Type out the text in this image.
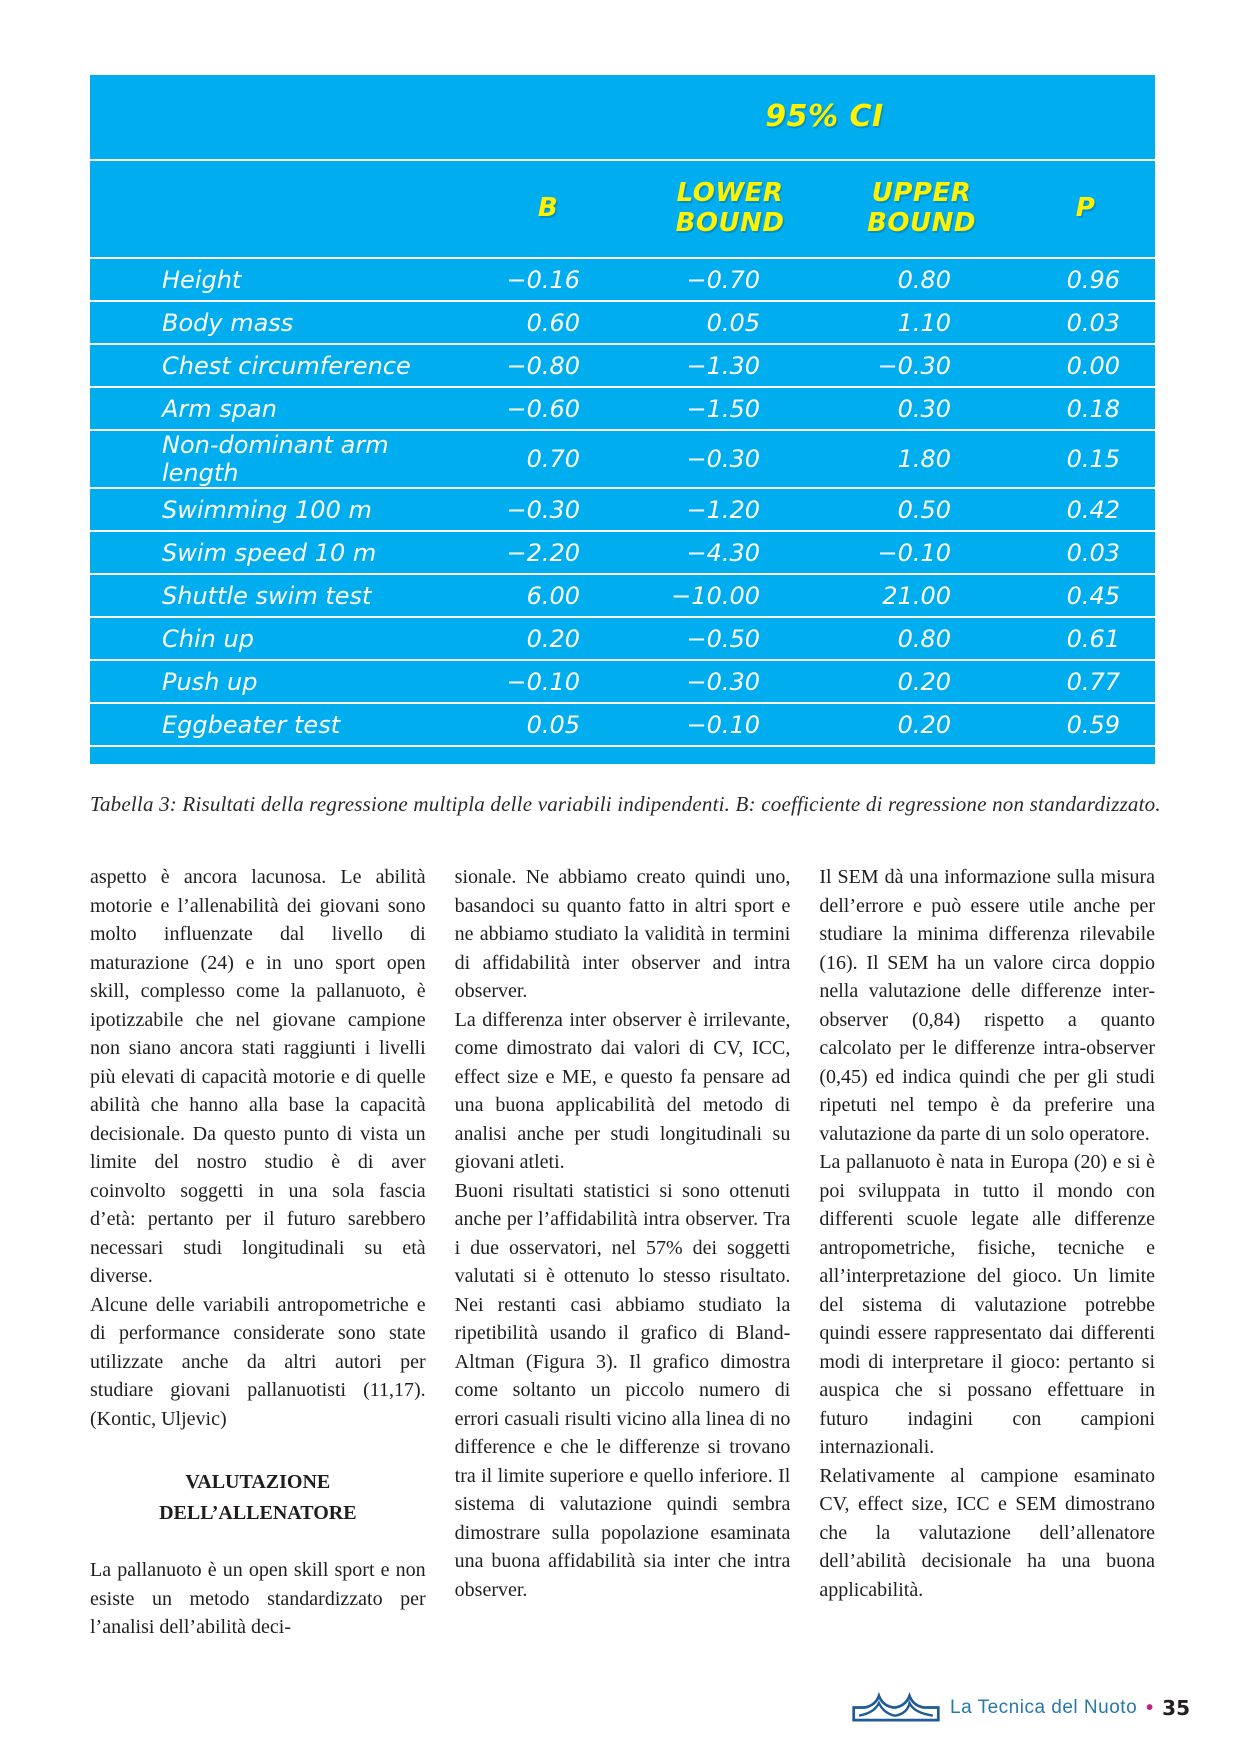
		95% CI		
	B	LOWER BOUND	UPPER BOUND	P
Height	−0.16	−0.70	0.80	0.96
Body mass	0.60	0.05	1.10	0.03
Chest circumference	−0.80	−1.30	−0.30	0.00
Arm span	−0.60	−1.50	0.30	0.18
Non-dominant arm length	0.70	−0.30	1.80	0.15
Swimming 100 m	−0.30	−1.20	0.50	0.42
Swim speed 10 m	−2.20	−4.30	−0.10	0.03
Shuttle swim test	6.00	−10.00	21.00	0.45
Chin up	0.20	−0.50	0.80	0.61
Push up	−0.10	−0.30	0.20	0.77
Eggbeater test	0.05	−0.10	0.20	0.59

Tabella 3: Risultati della regressione multipla delle variabili indipendenti. B: coefficiente di regressione non standardizzato.

aspetto è ancora lacunosa. Le abilità motorie e l’allenabilità dei giovani sono molto influenzate dal livello di maturazione (24) e in uno sport open skill, complesso come la pallanuoto, è ipotizzabile che nel giovane campione non siano ancora stati raggiunti i livelli più elevati di capacità motorie e di quelle abilità che hanno alla base la capacità decisionale. Da questo punto di vista un limite del nostro studio è di aver coinvolto soggetti in una sola fascia d’età: pertanto per il futuro sarebbero necessari studi longitudinali su età diverse.

Alcune delle variabili antropometriche e di performance considerate sono state utilizzate anche da altri autori per studiare giovani pallanuotisti (11,17). (Kontic, Uljevic)

VALUTAZIONE
DELL’ALLENATORE

La pallanuoto è un open skill sport e non esiste un metodo standardizzato per l’analisi dell’abilità deci-

sionale. Ne abbiamo creato quindi uno, basandoci su quanto fatto in altri sport e ne abbiamo studiato la validità in termini di affidabilità inter observer and intra observer.

La differenza inter observer è irrilevante, come dimostrato dai valori di CV, ICC, effect size e ME, e questo fa pensare ad una buona applicabilità del metodo di analisi anche per studi longitudinali su giovani atleti.

Buoni risultati statistici si sono ottenuti anche per l’affidabilità intra observer. Tra i due osservatori, nel 57% dei soggetti valutati si è ottenuto lo stesso risultato. Nei restanti casi abbiamo studiato la ripetibilità usando il grafico di Bland-Altman (Figura 3). Il grafico dimostra come soltanto un piccolo numero di errori casuali risulti vicino alla linea di no difference e che le differenze si trovano tra il limite superiore e quello inferiore. Il sistema di valutazione quindi sembra dimostrare sulla popolazione esaminata una buona affidabilità sia inter che intra observer.

Il SEM dà una informazione sulla misura dell’errore e può essere utile anche per studiare la minima differenza rilevabile (16). Il SEM ha un valore circa doppio nella valutazione delle differenze inter-observer (0,84) rispetto a quanto calcolato per le differenze intra-observer (0,45) ed indica quindi che per gli studi ripetuti nel tempo è da preferire una valutazione da parte di un solo operatore.

La pallanuoto è nata in Europa (20) e si è poi sviluppata in tutto il mondo con differenti scuole legate alle differenze antropometriche, fisiche, tecniche e all’interpretazione del gioco. Un limite del sistema di valutazione potrebbe quindi essere rappresentato dai differenti modi di interpretare il gioco: pertanto si auspica che si possano effettuare in futuro indagini con campioni internazionali.

Relativamente al campione esaminato CV, effect size, ICC e SEM dimostrano che la valutazione dell’allenatore dell’abilità decisionale ha una buona applicabilità.

La Tecnica del Nuoto • 35
